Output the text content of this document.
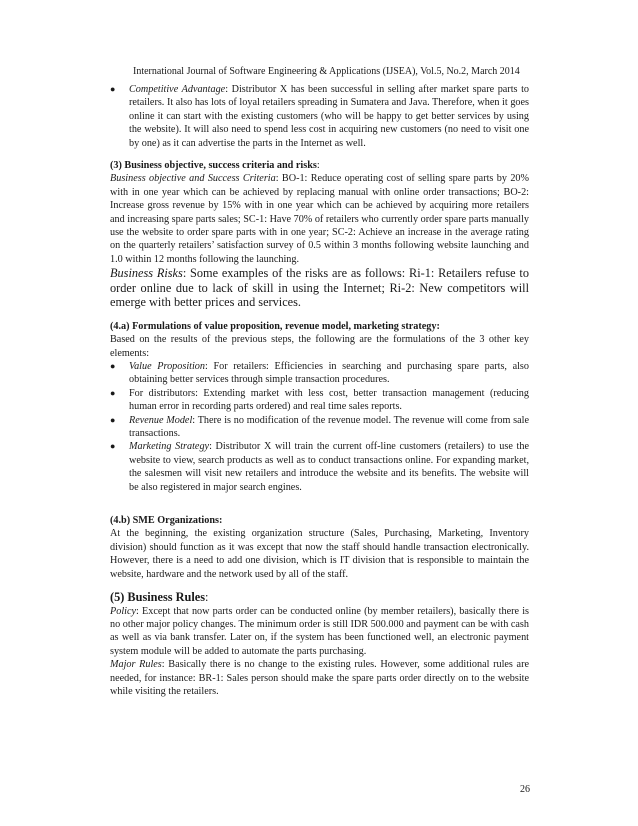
International Journal of Software Engineering & Applications (IJSEA), Vol.5, No.2, March 2014
● Competitive Advantage: Distributor X has been successful in selling after market spare parts to retailers. It also has lots of loyal retailers spreading in Sumatera and Java. Therefore, when it goes online it can start with the existing customers (who will be happy to get better services by using the website). It will also need to spend less cost in acquiring new customers (no need to visit one by one) as it can advertise the parts in the Internet as well.

(3) Business objective, success criteria and risks:

Business objective and Success Criteria: BO-1: Reduce operating cost of selling spare parts by 20% with in one year which can be achieved by replacing manual with online order transactions; BO-2: Increase gross revenue by 15% with in one year which can be achieved by acquiring more retailers and increasing spare parts sales; SC-1: Have 70% of retailers who currently order spare parts manually use the website to order spare parts with in one year; SC-2: Achieve an increase in the average rating on the quarterly retailers’ satisfaction survey of 0.5 within 3 months following website launching and 1.0 within 12 months following the launching.

Business Risks: Some examples of the risks are as follows: Ri-1: Retailers refuse to order online due to lack of skill in using the Internet; Ri-2: New competitors will emerge with better prices and services.

(4.a) Formulations of value proposition, revenue model, marketing strategy:

Based on the results of the previous steps, the following are the formulations of the 3 other key elements:

● Value Proposition: For retailers: Efficiencies in searching and purchasing spare parts, also obtaining better services through simple transaction procedures.
● For distributors: Extending market with less cost, better transaction management (reducing human error in recording parts ordered) and real time sales reports.
● Revenue Model: There is no modification of the revenue model. The revenue will come from sale transactions.
● Marketing Strategy: Distributor X will train the current off-line customers (retailers) to use the website to view, search products as well as to conduct transactions online. For expanding market, the salesmen will visit new retailers and introduce the website and its benefits. The website will be also registered in major search engines.

(4.b) SME Organizations:

At the beginning, the existing organization structure (Sales, Purchasing, Marketing, Inventory division) should function as it was except that now the staff should handle transaction electronically. However, there is a need to add one division, which is IT division that is responsible to maintain the website, hardware and the network used by all of the staff.

(5) Business Rules:

Policy: Except that now parts order can be conducted online (by member retailers), basically there is no other major policy changes. The minimum order is still IDR 500.000 and payment can be with cash as well as via bank transfer. Later on, if the system has been functioned well, an electronic payment system module will be added to automate the parts purchasing.

Major Rules: Basically there is no change to the existing rules. However, some additional rules are needed, for instance: BR-1: Sales person should make the spare parts order directly on to the website while visiting the retailers.

26
